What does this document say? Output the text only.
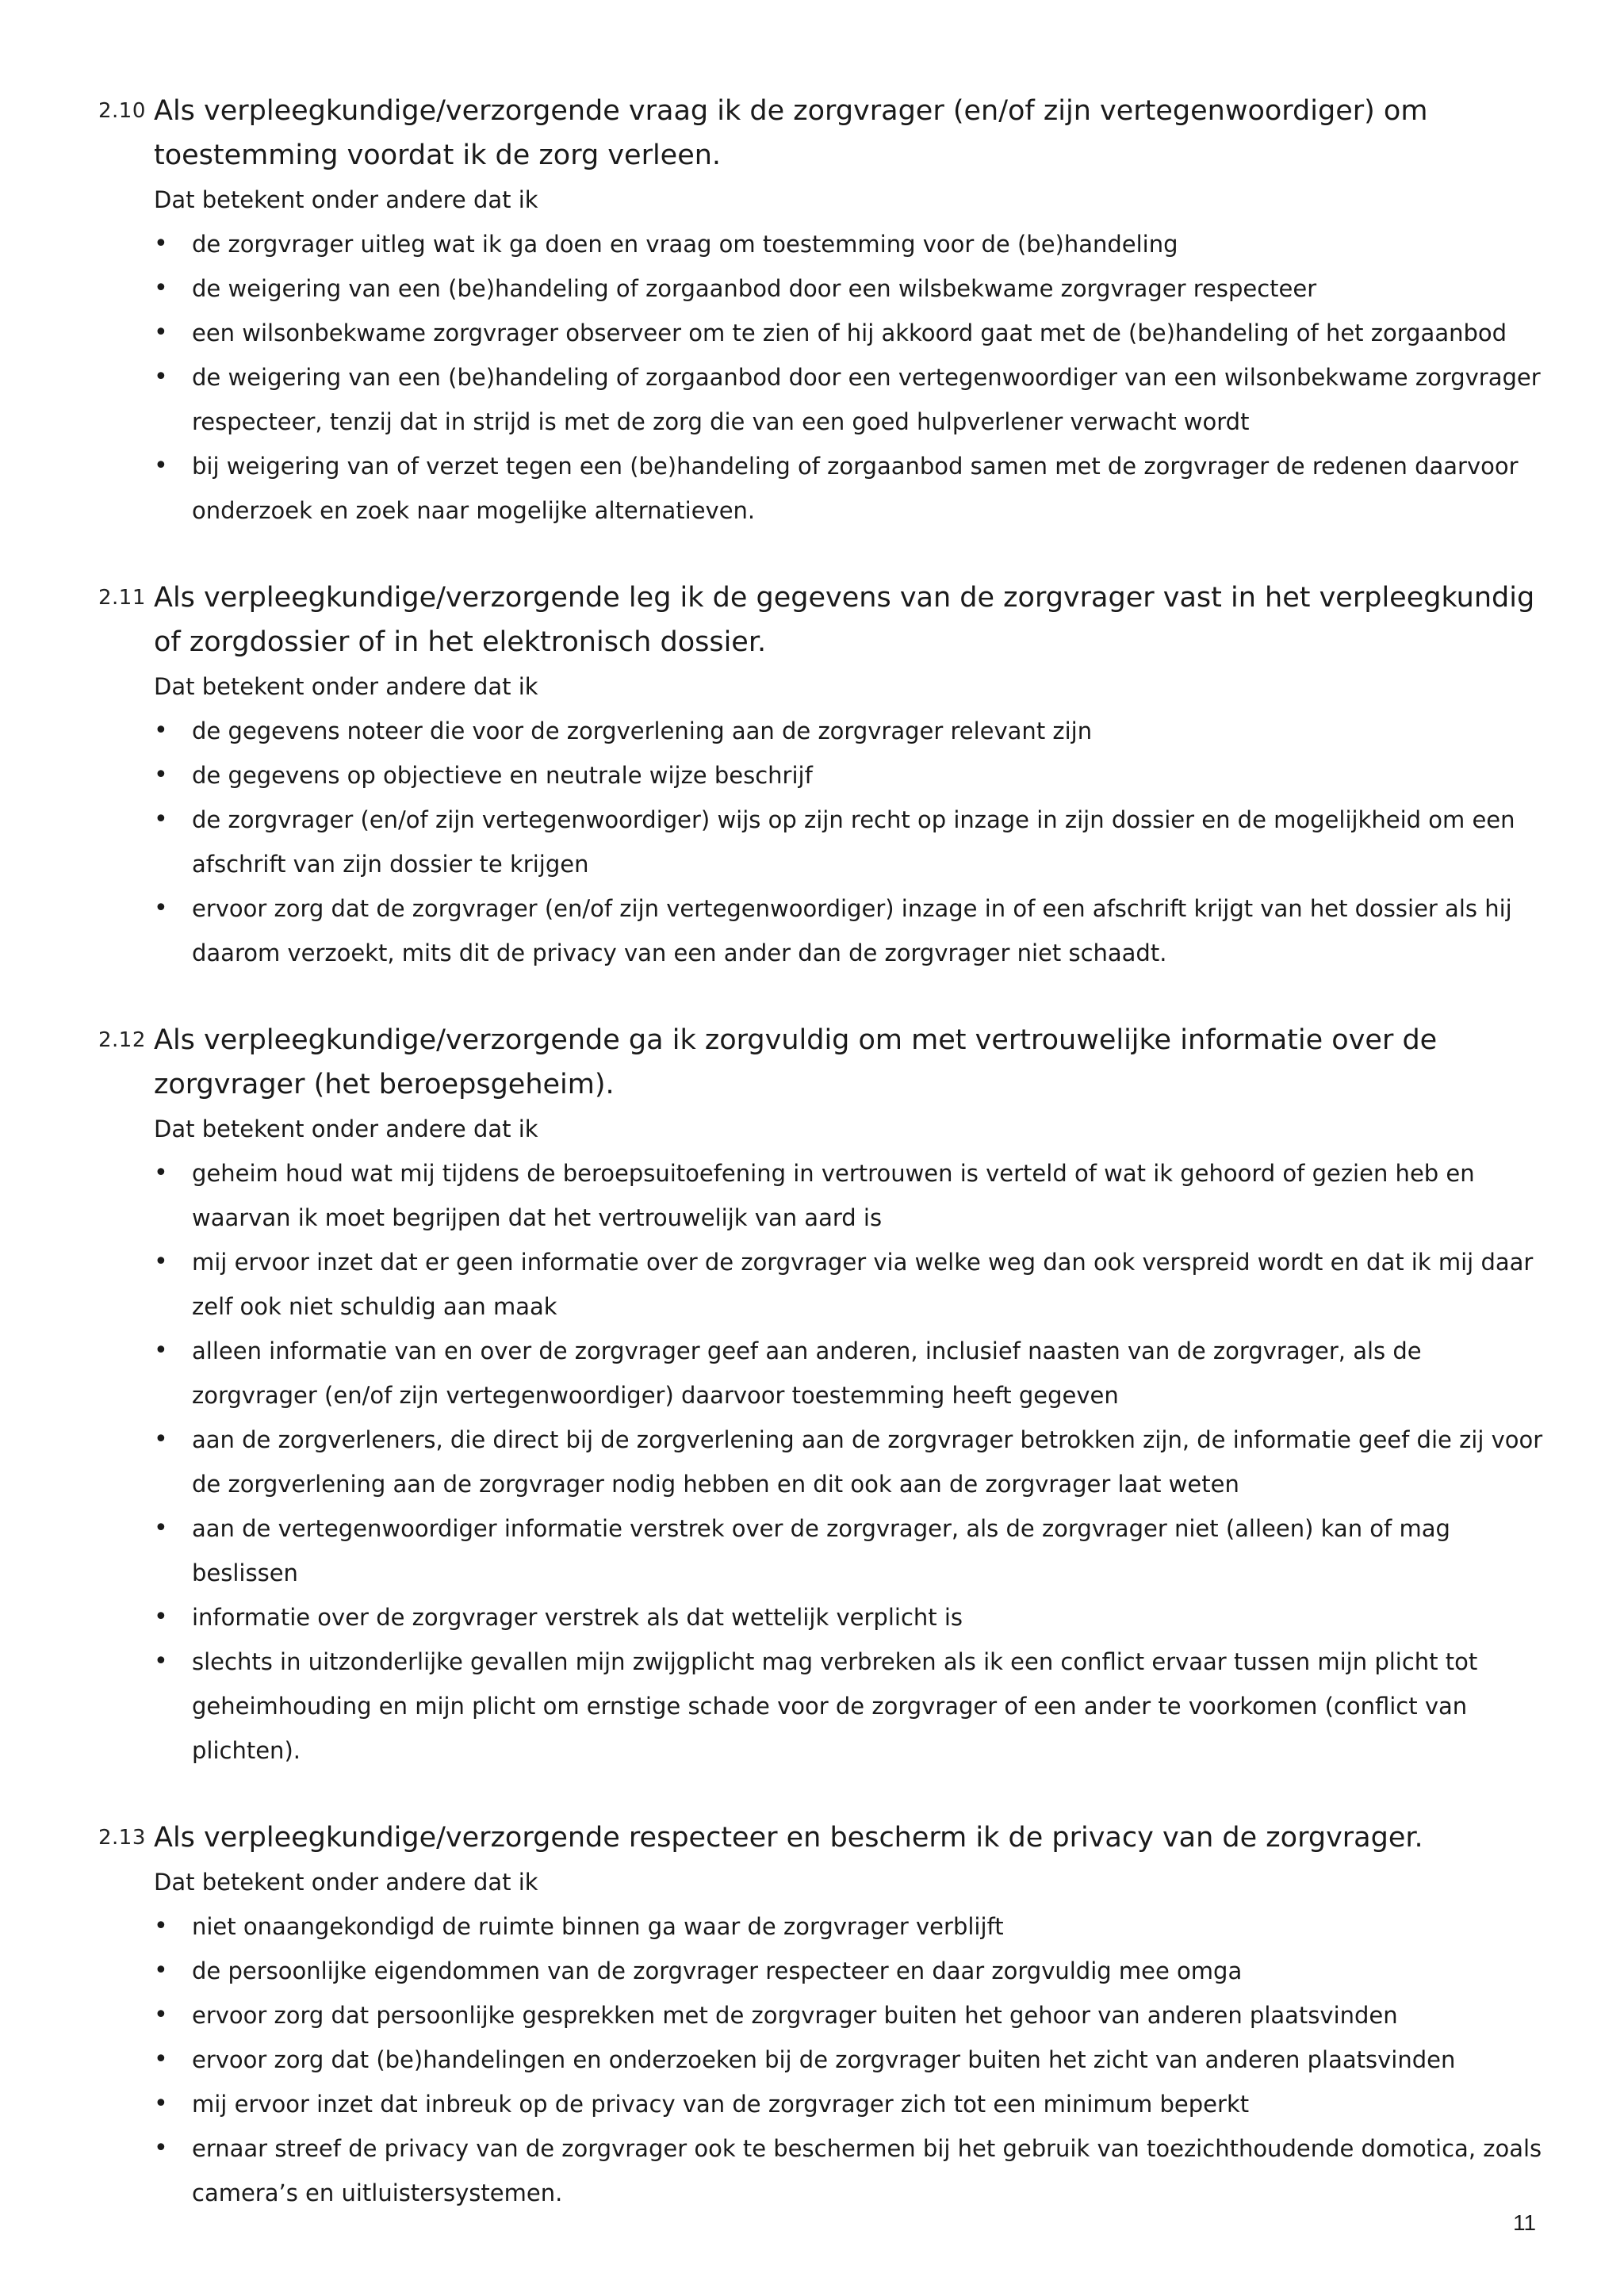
2.10 Als verpleegkundige/verzorgende vraag ik de zorgvrager (en/of zijn vertegenwoordiger) om toestemming voordat ik de zorg verleen.
Dat betekent onder andere dat ik
• de zorgvrager uitleg wat ik ga doen en vraag om toestemming voor de (be)handeling
• de weigering van een (be)handeling of zorgaanbod door een wilsbekwame zorgvrager respecteer
• een wilsonbekwame zorgvrager observeer om te zien of hij akkoord gaat met de (be)handeling of het zorgaanbod
• de weigering van een (be)handeling of zorgaanbod door een vertegenwoordiger van een wilsonbekwame zorgvrager respecteer, tenzij dat in strijd is met de zorg die van een goed hulpverlener verwacht wordt
• bij weigering van of verzet tegen een (be)handeling of zorgaanbod samen met de zorgvrager de redenen daarvoor onderzoek en zoek naar mogelijke alternatieven.
2.11 Als verpleegkundige/verzorgende leg ik de gegevens van de zorgvrager vast in het verpleegkundig of zorgdossier of in het elektronisch dossier.
Dat betekent onder andere dat ik
• de gegevens noteer die voor de zorgverlening aan de zorgvrager relevant zijn
• de gegevens op objectieve en neutrale wijze beschrijf
• de zorgvrager (en/of zijn vertegenwoordiger) wijs op zijn recht op inzage in zijn dossier en de mogelijkheid om een afschrift van zijn dossier te krijgen
• ervoor zorg dat de zorgvrager (en/of zijn vertegenwoordiger) inzage in of een afschrift krijgt van het dossier als hij daarom verzoekt, mits dit de privacy van een ander dan de zorgvrager niet schaadt.
2.12 Als verpleegkundige/verzorgende ga ik zorgvuldig om met vertrouwelijke informatie over de zorgvrager (het beroepsgeheim).
Dat betekent onder andere dat ik
• geheim houd wat mij tijdens de beroepsuitoefening in vertrouwen is verteld of wat ik gehoord of gezien heb en waarvan ik moet begrijpen dat het vertrouwelijk van aard is
• mij ervoor inzet dat er geen informatie over de zorgvrager via welke weg dan ook verspreid wordt en dat ik mij daar zelf ook niet schuldig aan maak
• alleen informatie van en over de zorgvrager geef aan anderen, inclusief naasten van de zorgvrager, als de zorgvrager (en/of zijn vertegenwoordiger) daarvoor toestemming heeft gegeven
• aan de zorgverleners, die direct bij de zorgverlening aan de zorgvrager betrokken zijn, de informatie geef die zij voor de zorgverlening aan de zorgvrager nodig hebben en dit ook aan de zorgvrager laat weten
• aan de vertegenwoordiger informatie verstrek over de zorgvrager, als de zorgvrager niet (alleen) kan of mag beslissen
• informatie over de zorgvrager verstrek als dat wettelijk verplicht is
• slechts in uitzonderlijke gevallen mijn zwijgplicht mag verbreken als ik een conflict ervaar tussen mijn plicht tot geheimhouding en mijn plicht om ernstige schade voor de zorgvrager of een ander te voorkomen (conflict van plichten).
2.13 Als verpleegkundige/verzorgende respecteer en bescherm ik de privacy van de zorgvrager.
Dat betekent onder andere dat ik
• niet onaangekondigd de ruimte binnen ga waar de zorgvrager verblijft
• de persoonlijke eigendommen van de zorgvrager respecteer en daar zorgvuldig mee omga
• ervoor zorg dat persoonlijke gesprekken met de zorgvrager buiten het gehoor van anderen plaatsvinden
• ervoor zorg dat (be)handelingen en onderzoeken bij de zorgvrager buiten het zicht van anderen plaatsvinden
• mij ervoor inzet dat inbreuk op de privacy van de zorgvrager zich tot een minimum beperkt
• ernaar streef de privacy van de zorgvrager ook te beschermen bij het gebruik van toezichthoudende domotica, zoals camera’s en uitluistersystemen.
11
